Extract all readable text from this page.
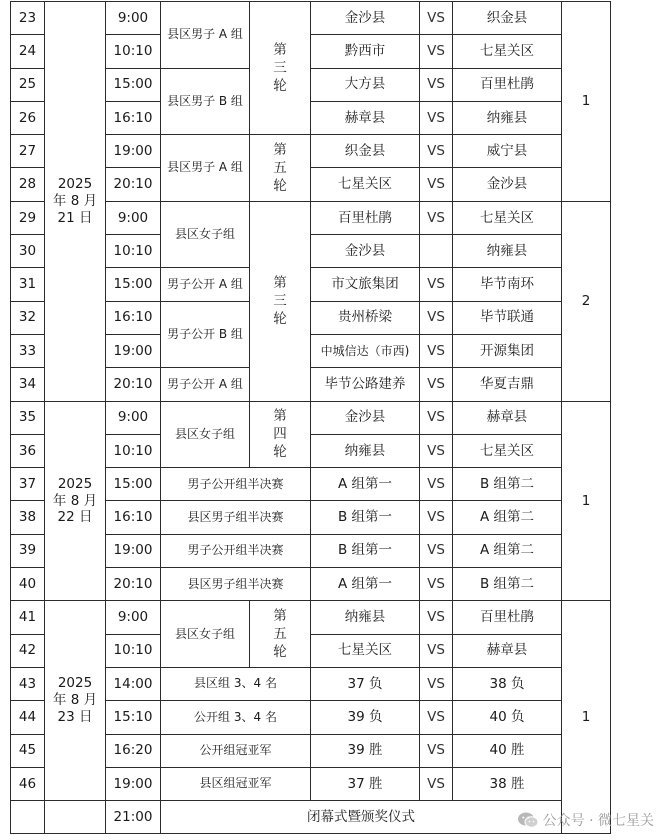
23	2025 年 8 月 21 日	9:00	县区男子 A 组	第三轮	金沙县	VS	织金县	1
24		10:10			黔西市	VS	七星关区	
25		15:00	县区男子 B 组		大方县	VS	百里杜鹃	
26		16:10			赫章县	VS	纳雍县	
27		19:00	县区男子 A 组	第五轮	织金县	VS	威宁县	
28		20:10			七星关区	VS	金沙县	
29		9:00	县区女子组	第三轮	百里杜鹃	VS	七星关区	2
30		10:10			金沙县		纳雍县	
31		15:00	男子公开 A 组		市文旅集团	VS	毕节南环	
32		16:10	男子公开 B 组		贵州桥梁	VS	毕节联通	
33		19:00			中城信达（市西)	VS	开源集团	
34		20:10	男子公开 A 组		毕节公路建养	VS	华夏吉鼎	
35	2025 年 8 月 22 日	9:00	县区女子组	第四轮	金沙县	VS	赫章县	1
36		10:10			纳雍县	VS	七星关区	
37		15:00	男子公开组半决赛		A 组第一	VS	B 组第二	
38		16:10	县区男子组半决赛		B 组第一	VS	A 组第二	
39		19:00	男子公开组半决赛		B 组第一	VS	A 组第二	
40		20:10	县区男子组半决赛		A 组第一	VS	B 组第二	
41	2025 年 8 月 23 日	9:00	县区女子组	第五轮	纳雍县	VS	百里杜鹃	1
42		10:10			七星关区	VS	赫章县	
43		14:00	县区组 3、4 名		37 负	VS	38 负	
44		15:10	公开组 3、4 名		39 负	VS	40 负	
45		16:20	公开组冠亚军		39 胜	VS	40 胜	
46		19:00	县区组冠亚军		37 胜	VS	38 胜	
		21:00	闭幕式暨颁奖仪式						公众号 · 微七星关
